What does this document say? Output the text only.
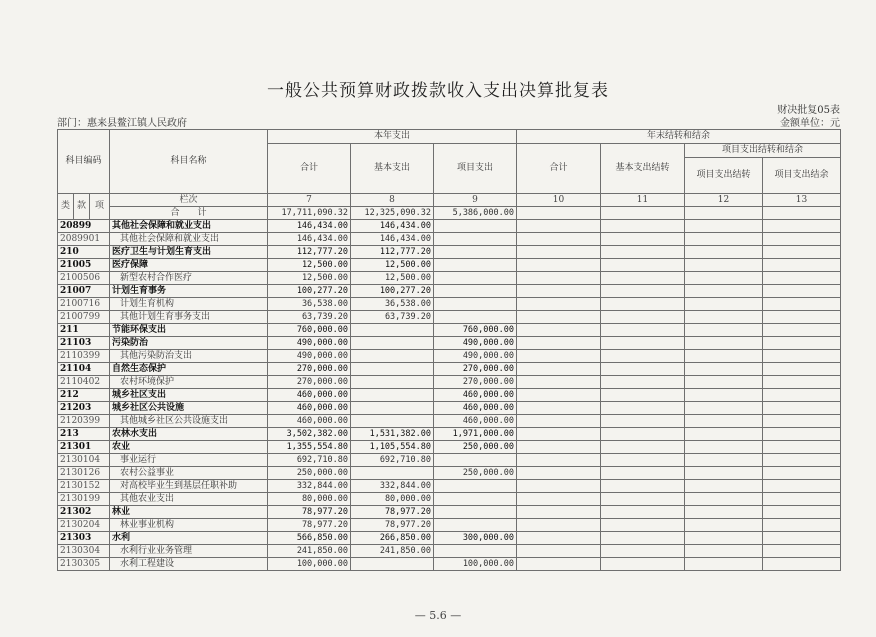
一般公共预算财政拨款收入支出决算批复表
部门：惠来县鳌江镇人民政府
财决批复05表
金额单位：元
科目编码			科目名称	本年支出			年末结转和结余			
				合计	基本支出	项目支出	合计	基本支出结转	项目支出结转和结余	
									项目支出结转	项目支出结余
类	款	项	栏次	7	8	9	10	11	12	13
			合　　计	17,711,090.32	12,325,090.32	5,386,000.00				
20899			其他社会保障和就业支出	146,434.00	146,434.00					
2089901			其他社会保障和就业支出	146,434.00	146,434.00					
210			医疗卫生与计划生育支出	112,777.20	112,777.20					
21005			医疗保障	12,500.00	12,500.00					
2100506			新型农村合作医疗	12,500.00	12,500.00					
21007			计划生育事务	100,277.20	100,277.20					
2100716			计划生育机构	36,538.00	36,538.00					
2100799			其他计划生育事务支出	63,739.20	63,739.20					
211			节能环保支出	760,000.00		760,000.00				
21103			污染防治	490,000.00		490,000.00				
2110399			其他污染防治支出	490,000.00		490,000.00				
21104			自然生态保护	270,000.00		270,000.00				
2110402			农村环境保护	270,000.00		270,000.00				
212			城乡社区支出	460,000.00		460,000.00				
21203			城乡社区公共设施	460,000.00		460,000.00				
2120399			其他城乡社区公共设施支出	460,000.00		460,000.00				
213			农林水支出	3,502,382.00	1,531,382.00	1,971,000.00				
21301			农业	1,355,554.80	1,105,554.80	250,000.00				
2130104			事业运行	692,710.80	692,710.80					
2130126			农村公益事业	250,000.00		250,000.00				
2130152			对高校毕业生到基层任职补助	332,844.00	332,844.00					
2130199			其他农业支出	80,000.00	80,000.00					
21302			林业	78,977.20	78,977.20					
2130204			林业事业机构	78,977.20	78,977.20					
21303			水利	566,850.00	266,850.00	300,000.00				
2130304			水利行业业务管理	241,850.00	241,850.00					
2130305			水利工程建设	100,000.00		100,000.00				
— 5.6 —
